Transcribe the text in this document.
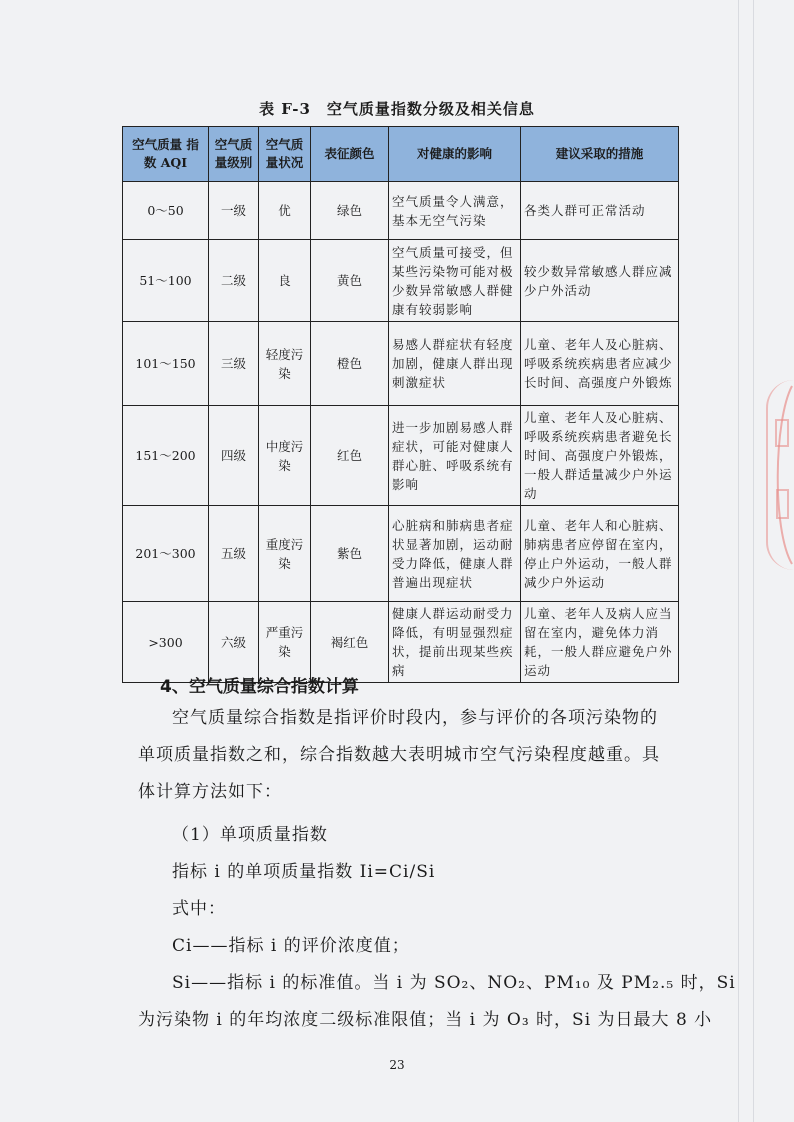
表 F-3　空气质量指数分级及相关信息
空气质量 指数 AQI	空气质量级别	空气质量状况	表征颜色	对健康的影响	建议采取的措施
0～50	一级	优	绿色	空气质量令人满意，基本无空气污染	各类人群可正常活动
51～100	二级	良	黄色	空气质量可接受，但某些污染物可能对极少数异常敏感人群健康有较弱影响	较少数异常敏感人群应减少户外活动
101～150	三级	轻度污染	橙色	易感人群症状有轻度加剧，健康人群出现刺激症状	儿童、老年人及心脏病、呼吸系统疾病患者应减少长时间、高强度户外锻炼
151～200	四级	中度污染	红色	进一步加剧易感人群症状，可能对健康人群心脏、呼吸系统有影响	儿童、老年人及心脏病、呼吸系统疾病患者避免长时间、高强度户外锻炼，一般人群适量减少户外运动
201～300	五级	重度污染	紫色	心脏病和肺病患者症状显著加剧，运动耐受力降低，健康人群普遍出现症状	儿童、老年人和心脏病、肺病患者应停留在室内，停止户外运动，一般人群减少户外运动
>300	六级	严重污染	褐红色	健康人群运动耐受力降低，有明显强烈症状，提前出现某些疾病	儿童、老年人及病人应当留在室内，避免体力消耗，一般人群应避免户外运动
4、空气质量综合指数计算
空气质量综合指数是指评价时段内，参与评价的各项污染物的单项质量指数之和，综合指数越大表明城市空气污染程度越重。具体计算方法如下：
（1）单项质量指数
指标 i 的单项质量指数 Ii=Ci/Si
式中：
Ci——指标 i 的评价浓度值；
Si——指标 i 的标准值。当 i 为 SO₂、NO₂、PM₁₀ 及 PM₂.₅ 时，Si
为污染物 i 的年均浓度二级标准限值；当 i 为 O₃ 时，Si 为日最大 8 小
23
